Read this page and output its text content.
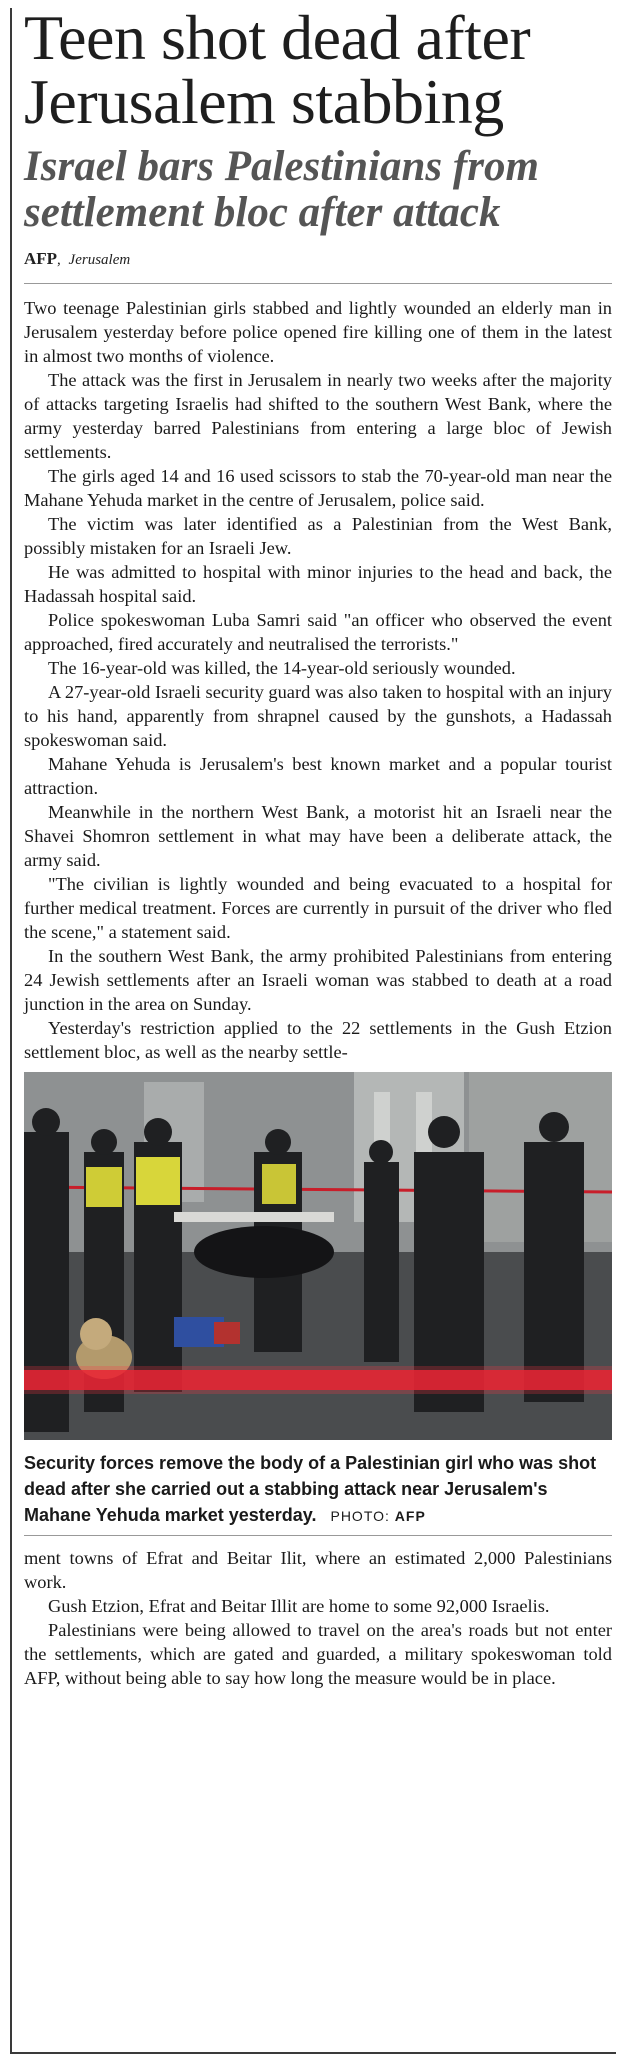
Teen shot dead after Jerusalem stabbing
Israel bars Palestinians from settlement bloc after attack
AFP, Jerusalem

Two teenage Palestinian girls stabbed and lightly wounded an elderly man in Jerusalem yesterday before police opened fire killing one of them in the latest in almost two months of violence.

The attack was the first in Jerusalem in nearly two weeks after the majority of attacks targeting Israelis had shifted to the southern West Bank, where the army yesterday barred Palestinians from entering a large bloc of Jewish settlements.

The girls aged 14 and 16 used scissors to stab the 70-year-old man near the Mahane Yehuda market in the centre of Jerusalem, police said.

The victim was later identified as a Palestinian from the West Bank, possibly mistaken for an Israeli Jew.

He was admitted to hospital with minor injuries to the head and back, the Hadassah hospital said.

Police spokeswoman Luba Samri said "an officer who observed the event approached, fired accurately and neutralised the terrorists."

The 16-year-old was killed, the 14-year-old seriously wounded.

A 27-year-old Israeli security guard was also taken to hospital with an injury to his hand, apparently from shrapnel caused by the gunshots, a Hadassah spokeswoman said.

Mahane Yehuda is Jerusalem's best known market and a popular tourist attraction.

Meanwhile in the northern West Bank, a motorist hit an Israeli near the Shavei Shomron settlement in what may have been a deliberate attack, the army said.

"The civilian is lightly wounded and being evacuated to a hospital for further medical treatment. Forces are currently in pursuit of the driver who fled the scene," a statement said.

In the southern West Bank, the army prohibited Palestinians from entering 24 Jewish settlements after an Israeli woman was stabbed to death at a road junction in the area on Sunday.

Yesterday's restriction applied to the 22 settlements in the Gush Etzion settlement bloc, as well as the nearby settle-

Security forces remove the body of a Palestinian girl who was shot dead after she carried out a stabbing attack near Jerusalem's Mahane Yehuda market yesterday. PHOTO: AFP

ment towns of Efrat and Beitar Ilit, where an estimated 2,000 Palestinians work.

Gush Etzion, Efrat and Beitar Illit are home to some 92,000 Israelis.

Palestinians were being allowed to travel on the area's roads but not enter the settlements, which are gated and guarded, a military spokeswoman told AFP, without being able to say how long the measure would be in place.
